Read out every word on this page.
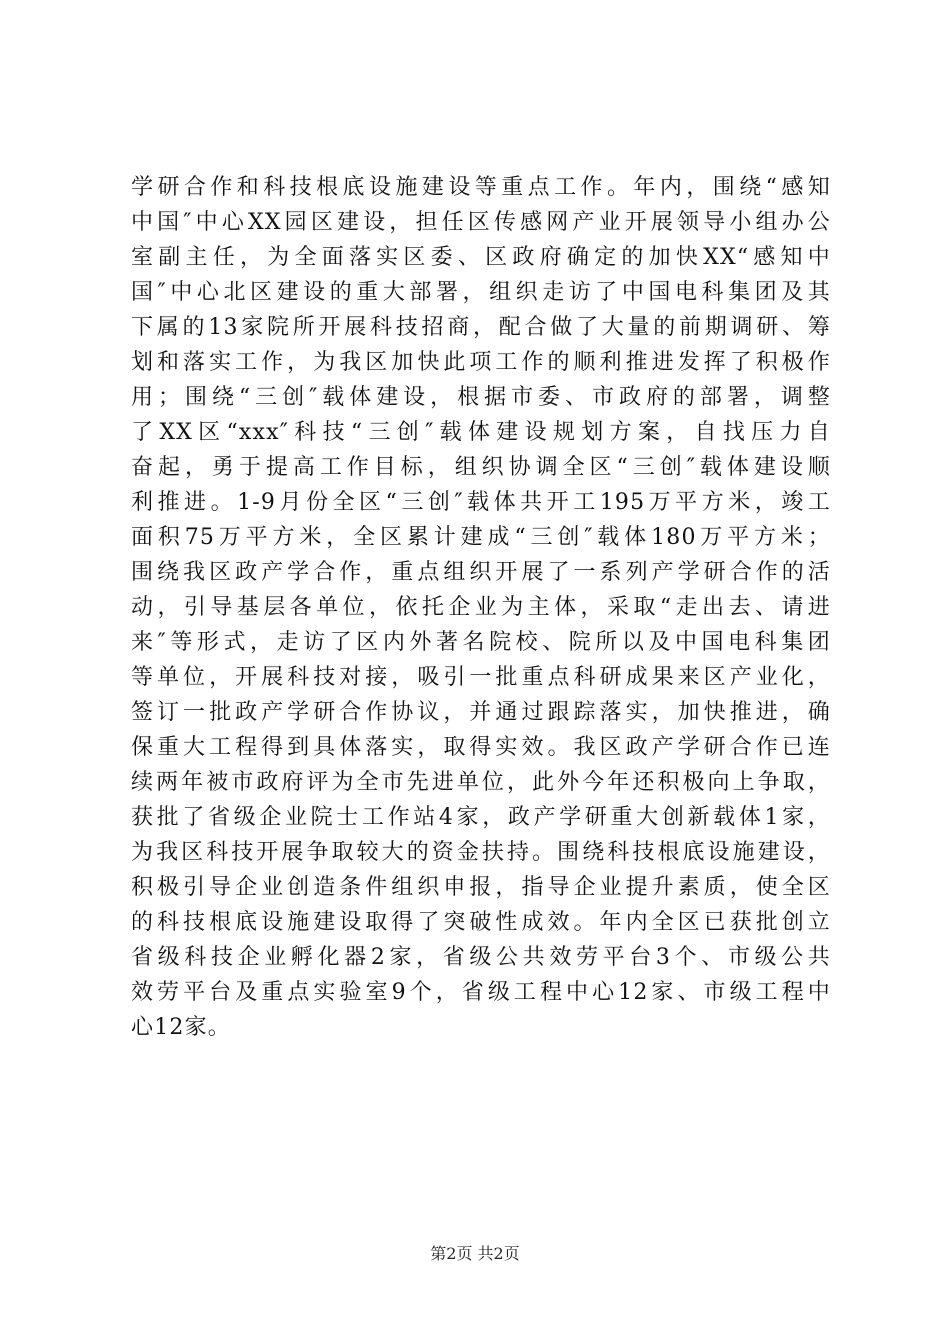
学研合作和科技根底设施建设等重点工作。年内，围绕“感知
中国″中心XX园区建设，担任区传感网产业开展领导小组办公
室副主任，为全面落实区委、区政府确定的加快XX“感知中
国″中心北区建设的重大部署，组织走访了中国电科集团及其
下属的13家院所开展科技招商，配合做了大量的前期调研、筹
划和落实工作，为我区加快此项工作的顺利推进发挥了积极作
用；围绕“三创″载体建设，根据市委、市政府的部署，调整
了XX区“xxx″科技“三创″载体建设规划方案，自找压力自
奋起，勇于提高工作目标，组织协调全区“三创″载体建设顺
利推进。1-9月份全区“三创″载体共开工195万平方米，竣工
面积75万平方米，全区累计建成“三创″载体180万平方米；
围绕我区政产学合作，重点组织开展了一系列产学研合作的活
动，引导基层各单位，依托企业为主体，采取“走出去、请进
来″等形式，走访了区内外著名院校、院所以及中国电科集团
等单位，开展科技对接，吸引一批重点科研成果来区产业化，
签订一批政产学研合作协议，并通过跟踪落实，加快推进，确
保重大工程得到具体落实，取得实效。我区政产学研合作已连
续两年被市政府评为全市先进单位，此外今年还积极向上争取，
获批了省级企业院士工作站4家，政产学研重大创新载体1家，
为我区科技开展争取较大的资金扶持。围绕科技根底设施建设，
积极引导企业创造条件组织申报，指导企业提升素质，使全区
的科技根底设施建设取得了突破性成效。年内全区已获批创立
省级科技企业孵化器2家，省级公共效劳平台3个、市级公共
效劳平台及重点实验室9个，省级工程中心12家、市级工程中
心12家。
第2页 共2页
